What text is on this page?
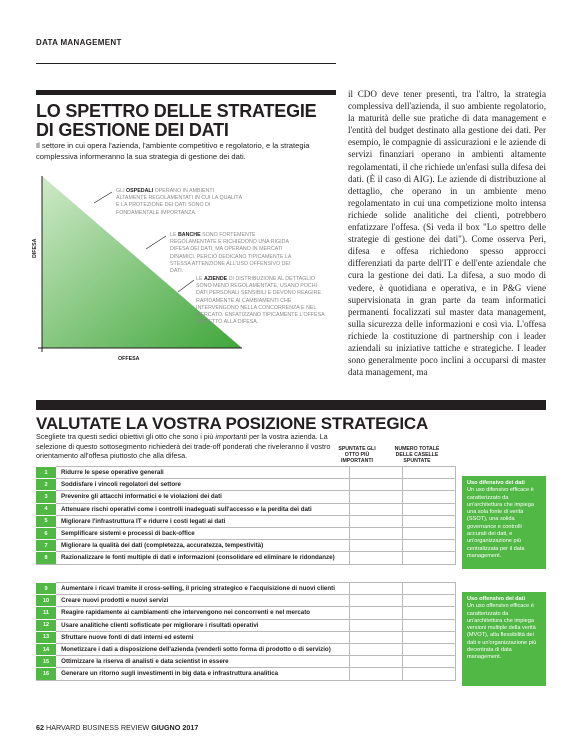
DATA MANAGEMENT
LO SPETTRO DELLE STRATEGIE
DI GESTIONE DEI DATI
Il settore in cui opera l'azienda, l'ambiente competitivo e regolatorio, e la strategia complessiva informeranno la sua strategia di gestione dei dati.
DIFESA
OFFESA
GLI OSPEDALI OPERANO IN AMBIENTI ALTAMENTE REGOLAMENTATI IN CUI LA QUALITÀ E LA PROTEZIONE DEI DATI SONO DI FONDAMENTALE IMPORTANZA.
LE BANCHE SONO FORTEMENTE REGOLAMENTATE E RICHIEDONO UNA RIGIDA DIFESA DEI DATI, MA OPERANO IN MERCATI DINAMICI. PERCIÒ DEDICANO TIPICAMENTE LA STESSA ATTENZIONE ALL'USO OFFENSIVO DEI DATI.
LE AZIENDE DI DISTRIBUZIONE AL DETTAGLIO SONO MENO REGOLAMENTATE, USANO POCHI DATI PERSONALI SENSIBILI E DEVONO REAGIRE RAPIDAMENTE AI CAMBIAMENTI CHE INTERVENGONO NELLA CONCORRENZA E NEL MERCATO. ENFATIZZANO TIPICAMENTE L'OFFESA RISPETTO ALLA DIFESA.
il CDO deve tener presenti, tra l'altro, la strategia complessiva dell'azienda, il suo ambiente regolatorio, la maturità delle sue pratiche di data management e l'entità del budget destinato alla gestione dei dati. Per esempio, le compagnie di assicurazioni e le aziende di servizi finanziari operano in ambienti altamente regolamentati, il che richiede un'enfasi sulla difesa dei dati. (È il caso di AIG). Le aziende di distribuzione al dettaglio, che operano in un ambiente meno regolamentato in cui una competizione molto intensa richiede solide analitiche dei clienti, potrebbero enfatizzare l'offesa. (Si veda il box "Lo spettro delle strategie di gestione dei dati"). Come osserva Peri, difesa e offesa richiedono spesso approcci differenziati da parte dell'IT e dell'ente aziendale che cura la gestione dei dati. La difesa, a suo modo di vedere, è quotidiana e operativa, e in P&G viene supervisionata in gran parte da team informatici permanenti focalizzati sul master data management, sulla sicurezza delle informazioni e così via. L'offesa richiede la costituzione di partnership con i leader aziendali su iniziative tattiche e strategiche. I leader sono generalmente poco inclini a occuparsi di master data management, ma
VALUTATE LA VOSTRA POSIZIONE STRATEGICA
Scegliete tra questi sedici obiettivi gli otto che sono i più importanti per la vostra azienda. La selezione di questo sottosegmento richiederà dei trade-off ponderati che riveleranno il vostro orientamento all'offesa piuttosto che alla difesa.
SPUNTATE GLI OTTO PIÙ IMPORTANTI
NUMERO TOTALE DELLE CASELLE SPUNTATE
1	Ridurre le spese operative generali		
2	Soddisfare i vincoli regolatori del settore		
3	Prevenire gli attacchi informatici e le violazioni dei dati		
4	Attenuare rischi operativi come i controlli inadeguati sull'accesso e la perdita dei dati		
5	Migliorare l'infrastruttura IT e ridurre i costi legati ai dati		
6	Semplificare sistemi e processi di back-office		
7	Migliorare la qualità dei dati (completezza, accuratezza, tempestività)		
8	Razionalizzare le fonti multiple di dati e informazioni (consolidare ed eliminare le ridondanze)		
9	Aumentare i ricavi tramite il cross-selling, il pricing strategico e l'acquisizione di nuovi clienti		
10	Creare nuovi prodotti e nuovi servizi		
11	Reagire rapidamente ai cambiamenti che intervengono nei concorrenti e nel mercato		
12	Usare analitiche clienti sofisticate per migliorare i risultati operativi		
13	Sfruttare nuove fonti di dati interni ed esterni		
14	Monetizzare i dati a disposizione dell'azienda (venderli sotto forma di prodotto o di servizio)		
15	Ottimizzare la riserva di analisti e data scientist in essere		
16	Generare un ritorno sugli investimenti in big data e infrastruttura analitica		
Uso difensivo dei dati
Un uso difensivo efficace è caratterizzato da un'architettura che impiega una sola fonte di verità (SSOT), una solida governance e controlli accurati dei dati, e un'organizzazione più centralizzata per il data management.
Uso offensivo dei dati
Un uso offensivo efficace è caratterizzato da un'architettura che impiega versioni multiple della verità (MVOT), alta flessibilità dei dati e un'organizzazione più decentrata di data management.
62 HARVARD BUSINESS REVIEW GIUGNO 2017
